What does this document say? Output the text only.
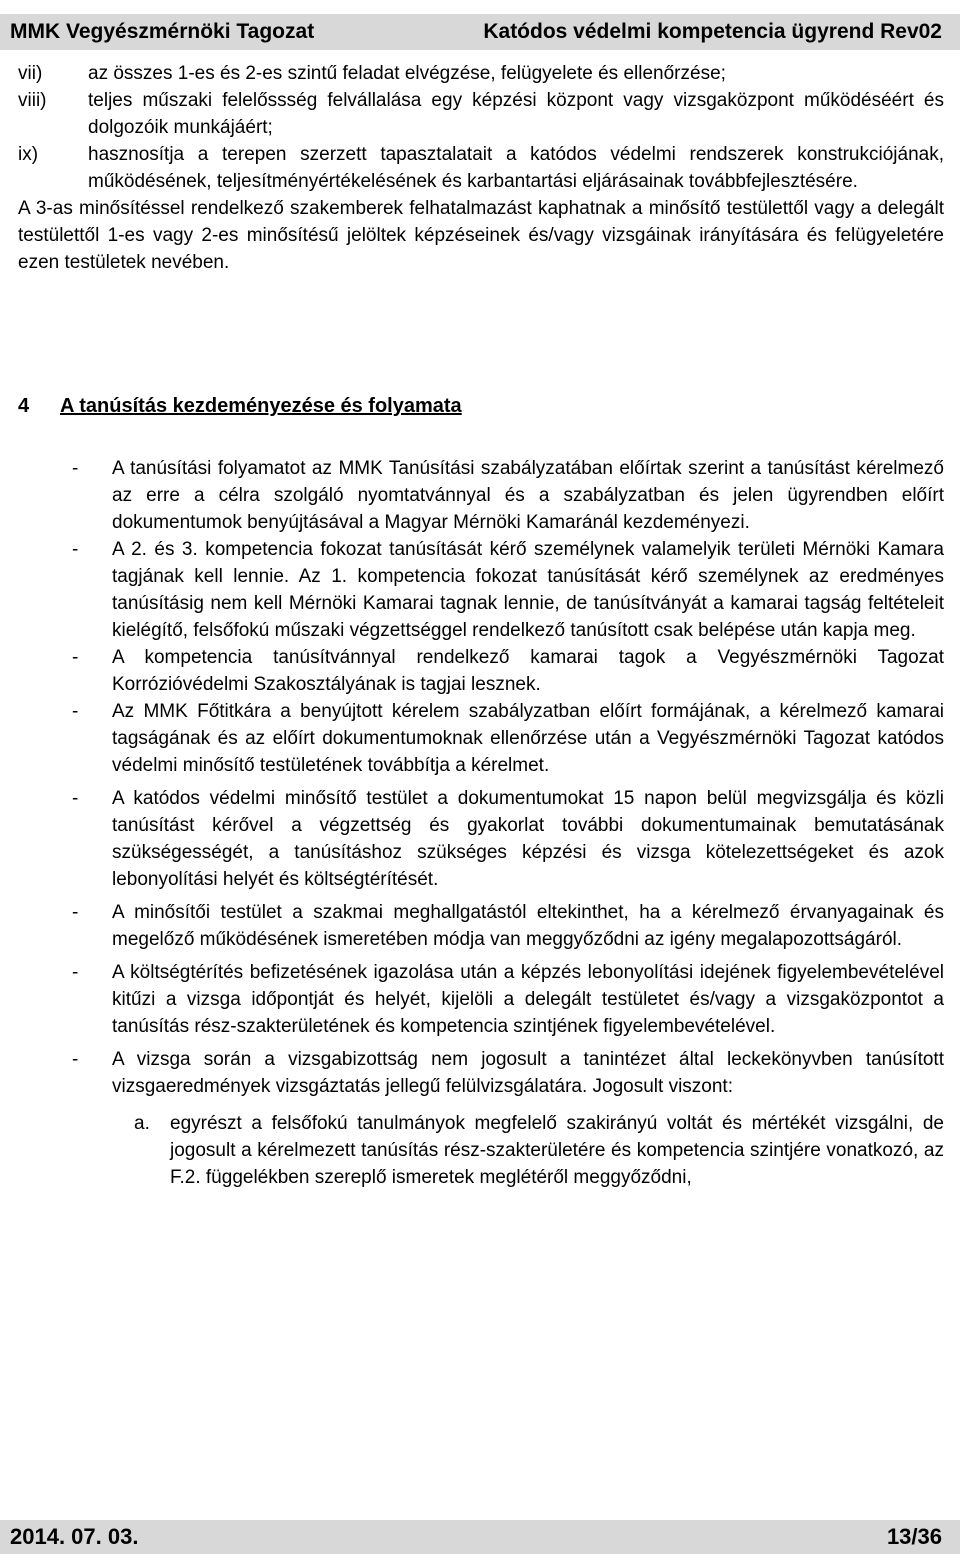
MMK Vegyészmérnöki Tagozat	Katódos védelmi kompetencia ügyrend Rev02
vii)	az összes 1-es és 2-es szintű feladat elvégzése, felügyelete és ellenőrzése;
viii)	teljes műszaki felelőssség felvállalása egy képzési központ vagy vizsgaközpont működéséért és dolgozóik munkájáért;
ix)	hasznosítja a terepen szerzett tapasztalatait a katódos védelmi rendszerek konstrukciójának, működésének, teljesítményértékelésének és karbantartási eljárásainak továbbfejlesztésére.

A 3-as minősítéssel rendelkező szakemberek felhatalmazást kaphatnak a minősítő testülettől vagy a delegált testülettől 1-es vagy 2-es minősítésű jelöltek képzéseinek és/vagy vizsgáinak irányítására és felügyeletére ezen testületek nevében.

4 A tanúsítás kezdeményezése és folyamata
- A tanúsítási folyamatot az MMK Tanúsítási szabályzatában előírtak szerint a tanúsítást kérelmező az erre a célra szolgáló nyomtatvánnyal és a szabályzatban és jelen ügyrendben előírt dokumentumok benyújtásával a Magyar Mérnöki Kamaránál kezdeményezi.
- A 2. és 3. kompetencia fokozat tanúsítását kérő személynek valamelyik területi Mérnöki Kamara tagjának kell lennie. Az 1. kompetencia fokozat tanúsítását kérő személynek az eredményes tanúsításig nem kell Mérnöki Kamarai tagnak lennie, de tanúsítványát a kamarai tagság feltételeit kielégítő, felsőfokú műszaki végzettséggel rendelkező tanúsított csak belépése után kapja meg.
- A kompetencia tanúsítvánnyal rendelkező kamarai tagok a Vegyészmérnöki Tagozat Korrózióvédelmi Szakosztályának is tagjai lesznek.
- Az MMK Főtitkára a benyújtott kérelem szabályzatban előírt formájának, a kérelmező kamarai tagságának és az előírt dokumentumoknak ellenőrzése után a Vegyészmérnöki Tagozat katódos védelmi minősítő testületének továbbítja a kérelmet.
- A katódos védelmi minősítő testület a dokumentumokat 15 napon belül megvizsgálja és közli tanúsítást kérővel a végzettség és gyakorlat további dokumentumainak bemutatásának szükségességét, a tanúsításhoz szükséges képzési és vizsga kötelezettségeket és azok lebonyolítási helyét és költségtérítését.
- A minősítői testület a szakmai meghallgatástól eltekinthet, ha a kérelmező érvanyagainak és megelőző működésének ismeretében módja van meggyőződni az igény megalapozottságáról.
- A költségtérítés befizetésének igazolása után a képzés lebonyolítási idejének figyelembevételével kitűzi a vizsga időpontját és helyét, kijelöli a delegált testületet és/vagy a vizsgaközpontot a tanúsítás rész-szakterületének és kompetencia szintjének figyelembevételével.
- A vizsga során a vizsgabizottság nem jogosult a tanintézet által leckekönyvben tanúsított vizsgaeredmények vizsgáztatás jellegű felülvizsgálatára. Jogosult viszont:
a. egyrészt a felsőfokú tanulmányok megfelelő szakirányú voltát és mértékét vizsgálni, de jogosult a kérelmezett tanúsítás rész-szakterületére és kompetencia szintjére vonatkozó, az F.2. függelékben szereplő ismeretek meglétéről meggyőződni,
2014. 07. 03.	13/36
